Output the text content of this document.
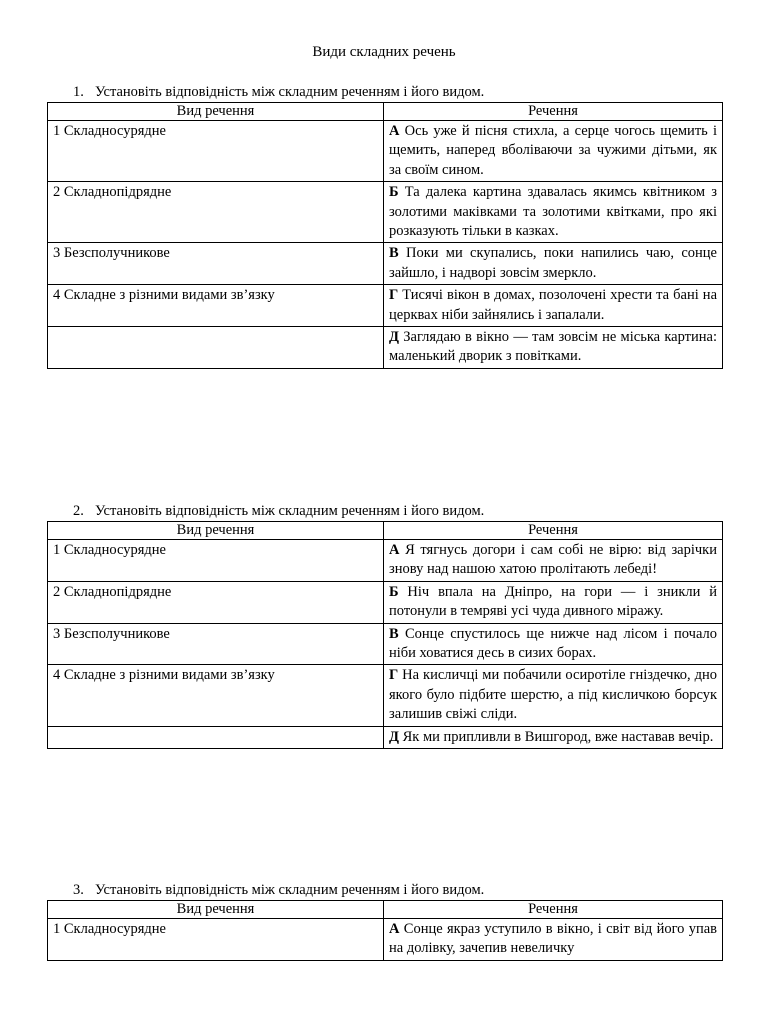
Види складних речень
1. Установіть відповідність між складним реченням і його видом.
Вид речення	Речення
1 Складносурядне	А Ось уже й пісня стихла, а серце чогось щемить і щемить, наперед вболіваючи за чужими дітьми, як за своїм сином.
2 Складнопідрядне	Б Та далека картина здавалась якимсь квітником з золотими маківками та золотими квітками, про які розказують тільки в казках.
3 Безсполучникове	В Поки ми скупались, поки напились чаю, сонце зайшло, і надворі зовсім змеркло.
4 Складне з різними видами зв’язку	Г Тисячі вікон в домах, позолочені хрести та бані на церквах ніби зайнялись і запалали.
	Д Заглядаю в вікно — там зовсім не міська картина: маленький дворик з повітками.
2. Установіть відповідність між складним реченням і його видом.
Вид речення	Речення
1 Складносурядне	А Я тягнусь догори і сам собі не вірю: від зарічки знову над нашою хатою пролітають лебеді!
2 Складнопідрядне	Б Ніч впала на Дніпро, на гори — і зникли й потонули в темряві усі чуда дивного міражу.
3 Безсполучникове	В Сонце спустилось ще нижче над лісом і почало ніби ховатися десь в сизих борах.
4 Складне з різними видами зв’язку	Г На кисличці ми побачили осиротіле гніздечко, дно якого було підбите шерстю, а під кисличкою борсук залишив свіжі сліди.
	Д Як ми припливли в Вишгород, вже наставав вечір.
3. Установіть відповідність між складним реченням і його видом.
Вид речення	Речення
1 Складносурядне	А Сонце якраз уступило в вікно, і світ від його упав на долівку, зачепив невеличку
